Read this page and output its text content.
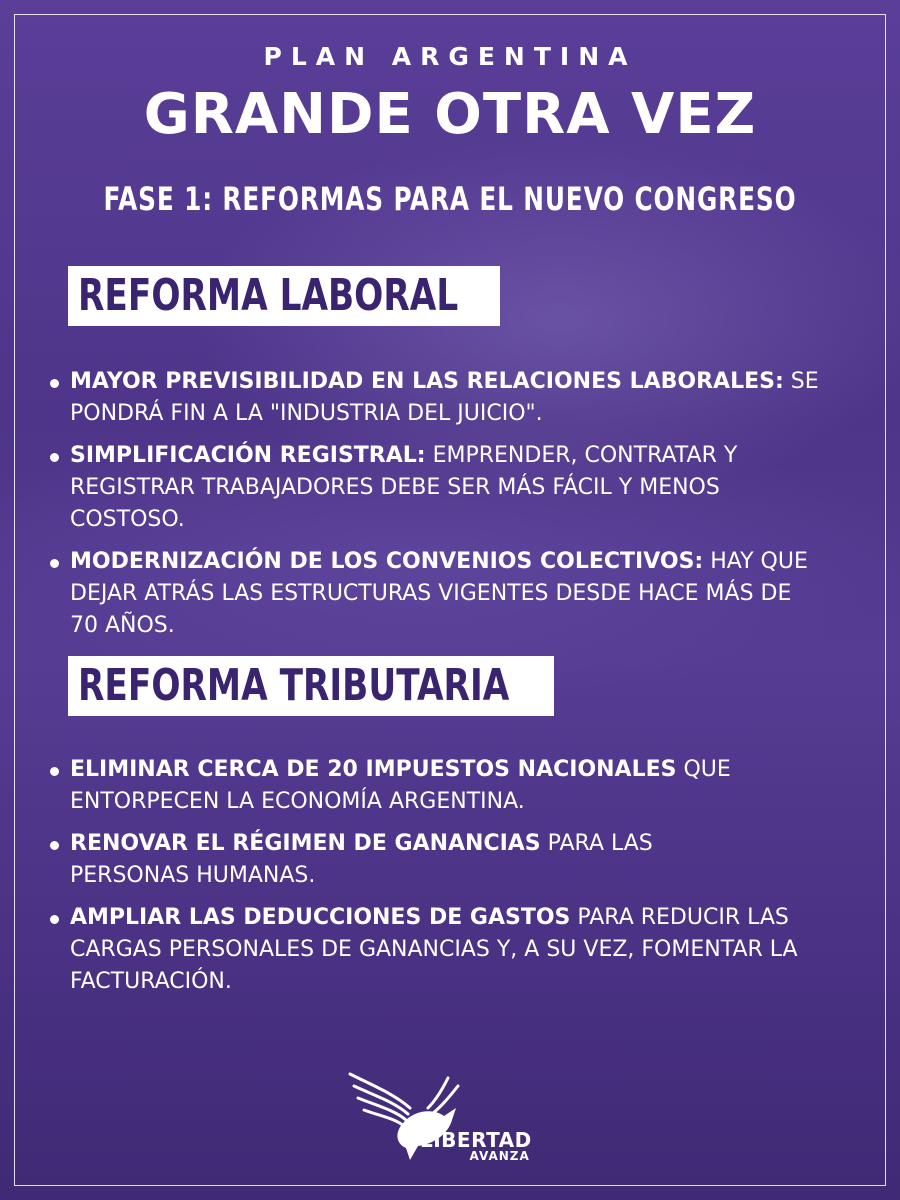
PLAN ARGENTINA
GRANDE OTRA VEZ
FASE 1: REFORMAS PARA EL NUEVO CONGRESO
REFORMA LABORAL
MAYOR PREVISIBILIDAD EN LAS RELACIONES LABORALES: SE PONDRÁ FIN A LA "INDUSTRIA DEL JUICIO".
SIMPLIFICACIÓN REGISTRAL: EMPRENDER, CONTRATAR Y REGISTRAR TRABAJADORES DEBE SER MÁS FÁCIL Y MENOS COSTOSO.
MODERNIZACIÓN DE LOS CONVENIOS COLECTIVOS: HAY QUE DEJAR ATRÁS LAS ESTRUCTURAS VIGENTES DESDE HACE MÁS DE 70 AÑOS.
REFORMA TRIBUTARIA
ELIMINAR CERCA DE 20 IMPUESTOS NACIONALES QUE ENTORPECEN LA ECONOMÍA ARGENTINA.
RENOVAR EL RÉGIMEN DE GANANCIAS PARA LAS PERSONAS HUMANAS.
AMPLIAR LAS DEDUCCIONES DE GASTOS PARA REDUCIR LAS CARGAS PERSONALES DE GANANCIAS Y, A SU VEZ, FOMENTAR LA FACTURACIÓN.
LA
LIBERTAD
AVANZA
